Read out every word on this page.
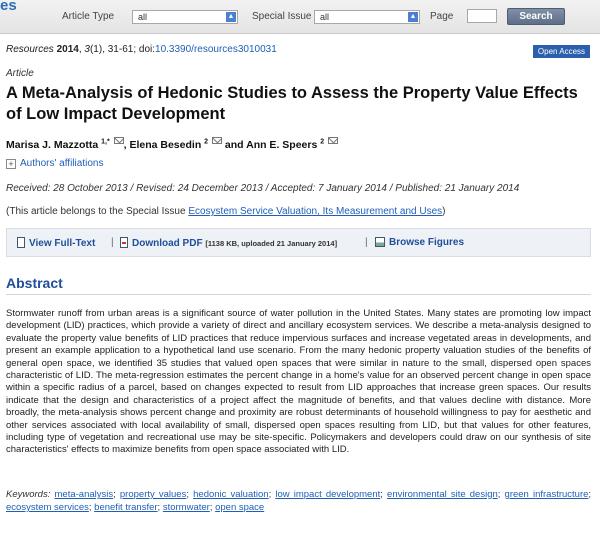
es
Article Type	all	▲︎ Special Issue all	▲︎ Page	Search
Resources 2014, 3(1), 31-61; doi:10.3390/resources3010031	Open Access
Article
A Meta-Analysis of Hedonic Studies to Assess the Property Value Effects of Low Impact Development
Marisa J. Mazzotta $^{1,*}$ , Elena Besedin $^2$ and Ann E. Speers $^2$
+ Authors' affiliations
Received: 28 October 2013 / Revised: 24 December 2013 / Accepted: 7 January 2014 / Published: 21 January 2014
(This article belongs to the Special Issue Ecosystem Service Valuation, Its Measurement and Uses)
View Full-Text |	Download PDF [1138 KB, uploaded 21 January 2014]	|	Browse Figures
Abstract

Stormwater runoff from urban areas is a significant source of water pollution in the United States. Many states are promoting low impact development (LID) practices, which provide a variety of direct and ancillary ecosystem services. We describe a meta-analysis designed to evaluate the property value benefits of LID practices that reduce impervious surfaces and increase vegetated areas in developments, and present an example application to a hypothetical land use scenario. From the many hedonic property valuation studies of the benefits of general open space, we identified 35 studies that valued open spaces that were similar in nature to the small, dispersed open spaces characteristic of LID. The meta-regression estimates the percent change in a home's value for an observed percent change in open space within a specific radius of a parcel, based on changes expected to result from LID approaches that increase green spaces. Our results indicate that the design and characteristics of a project affect the magnitude of benefits, and that values decline with distance. More broadly, the meta-analysis shows percent change and proximity are robust determinants of household willingness to pay for aesthetic and other services associated with local availability of small, dispersed open spaces resulting from LID, but that values for other features, including type of vegetation and recreational use may be site-specific. Policymakers and developers could draw on our synthesis of site characteristics' effects to maximize benefits from open space associated with LID.

Keywords: meta-analysis; property values; hedonic valuation; low impact development; environmental site design; green infrastructure; ecosystem services; benefit transfer; stormwater; open space
